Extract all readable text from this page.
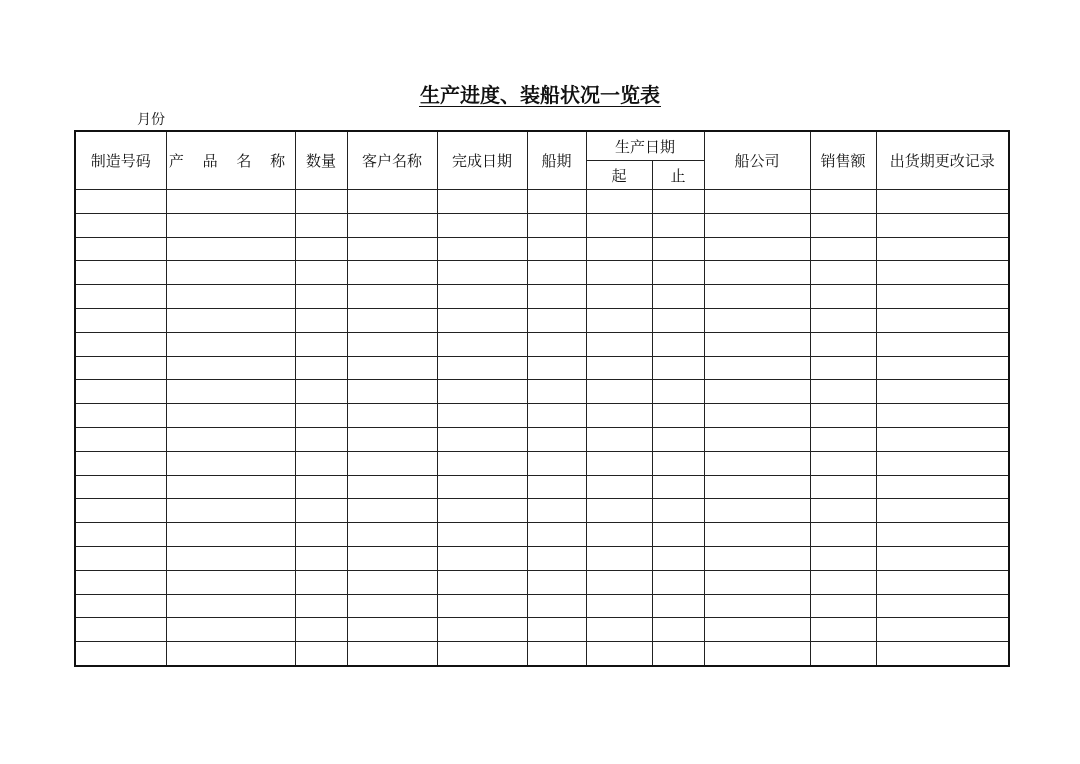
生产进度、装船状况一览表
月份
制造号码	产 品 名 称	数量	客户名称	完成日期	船期	生产日期		船公司	销售额	出货期更改记录
						起	止			
